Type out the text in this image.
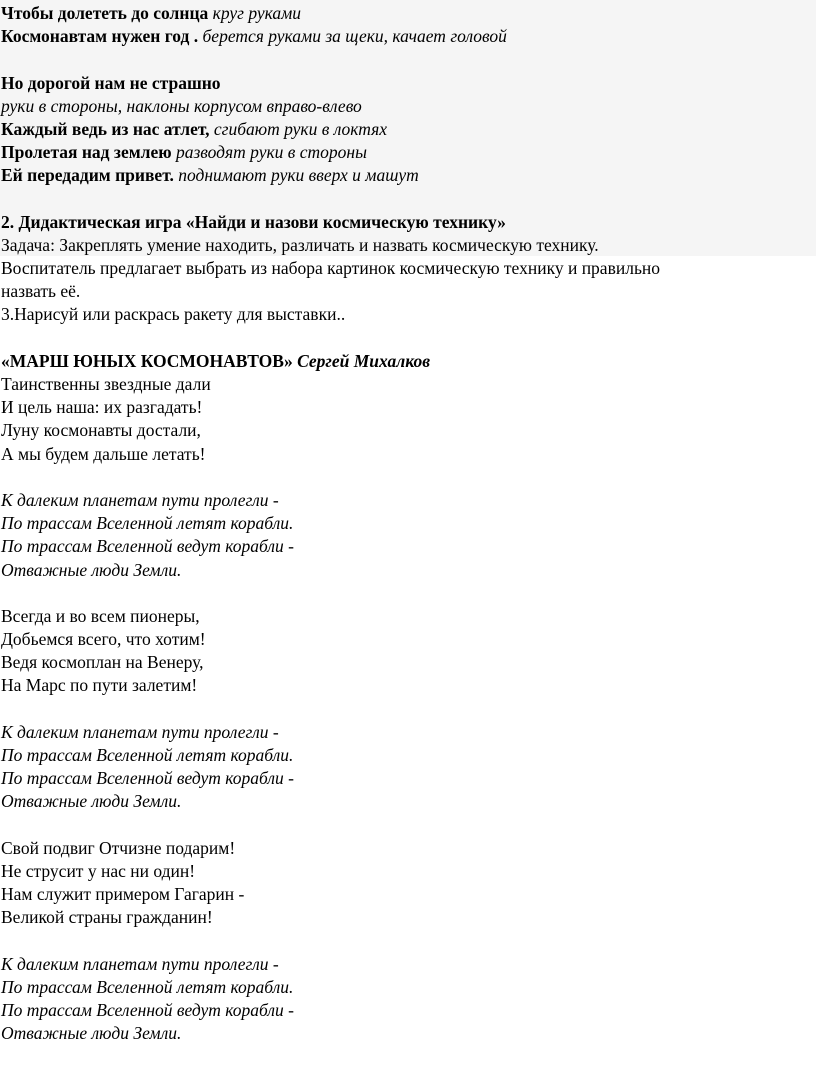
Чтобы долететь до солнца круг руками
Космонавтам нужен год . берется руками за щеки, качает головой
Но дорогой нам не страшно
руки в стороны, наклоны корпусом вправо-влево
Каждый ведь из нас атлет, сгибают руки в локтях
Пролетая над землею разводят руки в стороны
Ей передадим привет. поднимают руки вверх и машут
2. Дидактическая игра «Найди и назови космическую технику»
Задача: Закреплять умение находить, различать и назвать космическую технику.
Воспитатель предлагает выбрать из набора картинок космическую технику и правильно
назвать её.
3.Нарисуй или раскрась ракету для выставки..
«МАРШ ЮНЫХ КОСМОНАВТОВ» Сергей Михалков
Таинственны звездные дали
И цель наша: их разгадать!
Луну космонавты достали,
А мы будем дальше летать!
К далеким планетам пути пролегли -
По трассам Вселенной летят корабли.
По трассам Вселенной ведут корабли -
Отважные люди Земли.
Всегда и во всем пионеры,
Добьемся всего, что хотим!
Ведя космоплан на Венеру,
На Марс по пути залетим!
К далеким планетам пути пролегли -
По трассам Вселенной летят корабли.
По трассам Вселенной ведут корабли -
Отважные люди Земли.
Свой подвиг Отчизне подарим!
Не струсит у нас ни один!
Нам служит примером Гагарин -
Великой страны гражданин!
К далеким планетам пути пролегли -
По трассам Вселенной летят корабли.
По трассам Вселенной ведут корабли -
Отважные люди Земли.
